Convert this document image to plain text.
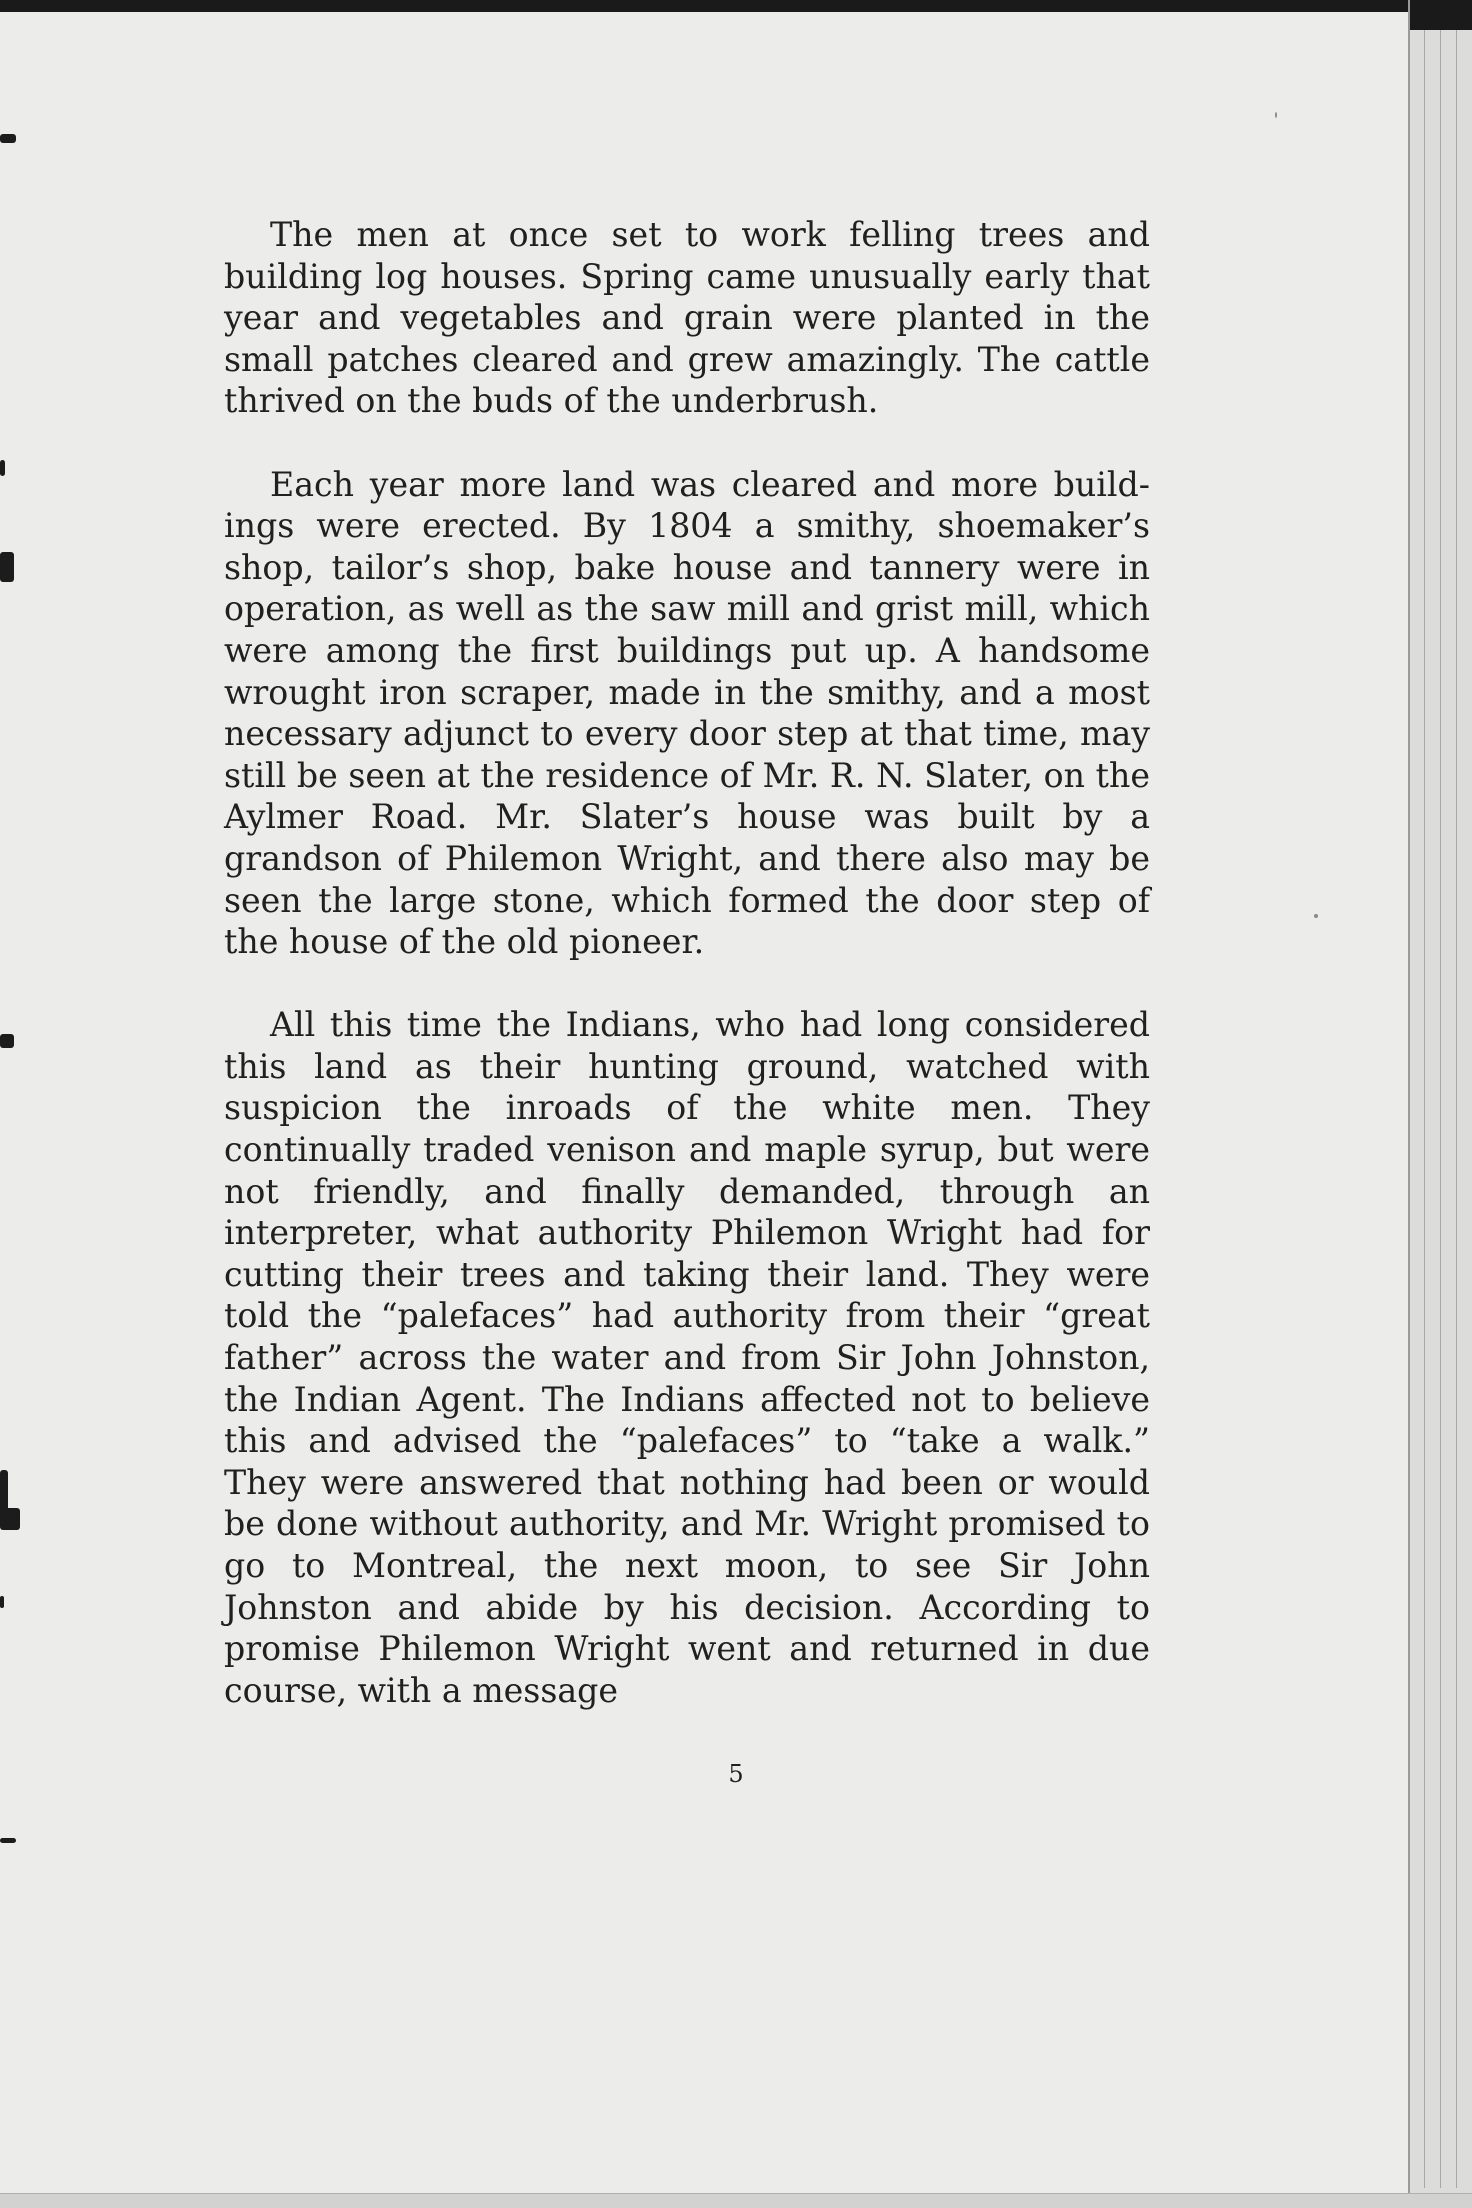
The men at once set to work felling trees and building log houses. Spring came unusually early that year and vegetables and grain were planted in the small patches cleared and grew amazingly. The cattle thrived on the buds of the underbrush.

Each year more land was cleared and more build-ings were erected. By 1804 a smithy, shoemaker’s shop, tailor’s shop, bake house and tannery were in operation, as well as the saw mill and grist mill, which were among the first buildings put up. A handsome wrought iron scraper, made in the smithy, and a most necessary adjunct to every door step at that time, may still be seen at the residence of Mr. R. N. Slater, on the Aylmer Road. Mr. Slater’s house was built by a grandson of Philemon Wright, and there also may be seen the large stone, which formed the door step of the house of the old pioneer.

All this time the Indians, who had long considered this land as their hunting ground, watched with suspicion the inroads of the white men. They continually traded venison and maple syrup, but were not friendly, and finally demanded, through an interpreter, what authority Philemon Wright had for cutting their trees and taking their land. They were told the “palefaces” had authority from their “great father” across the water and from Sir John Johnston, the Indian Agent. The Indians affected not to believe this and advised the “palefaces” to “take a walk.” They were answered that nothing had been or would be done without authority, and Mr. Wright promised to go to Montreal, the next moon, to see Sir John Johnston and abide by his decision. According to promise Philemon Wright went and returned in due course, with a message

5
